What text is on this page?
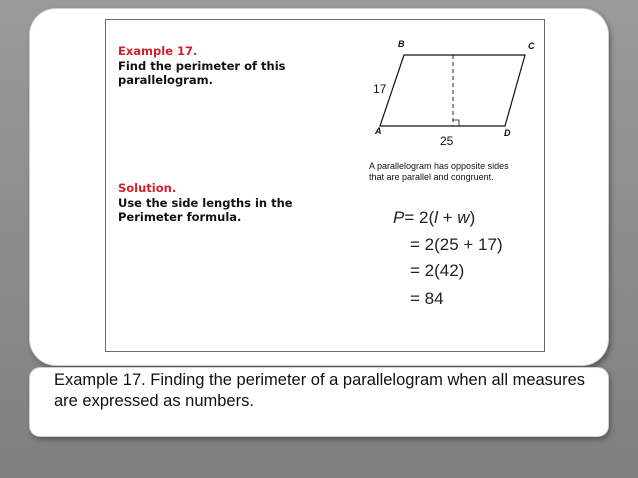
Example 17.
Find the perimeter of this parallelogram.
Solution.
Use the side lengths in the Perimeter formula.
B	C
A	D
17
25
A parallelogram has opposite sides that are parallel and congruent.
P= 2(l + w)
= 2(25 + 17)
= 2(42)
= 84
Example 17. Finding the perimeter of a parallelogram when all measures are expressed as numbers.
